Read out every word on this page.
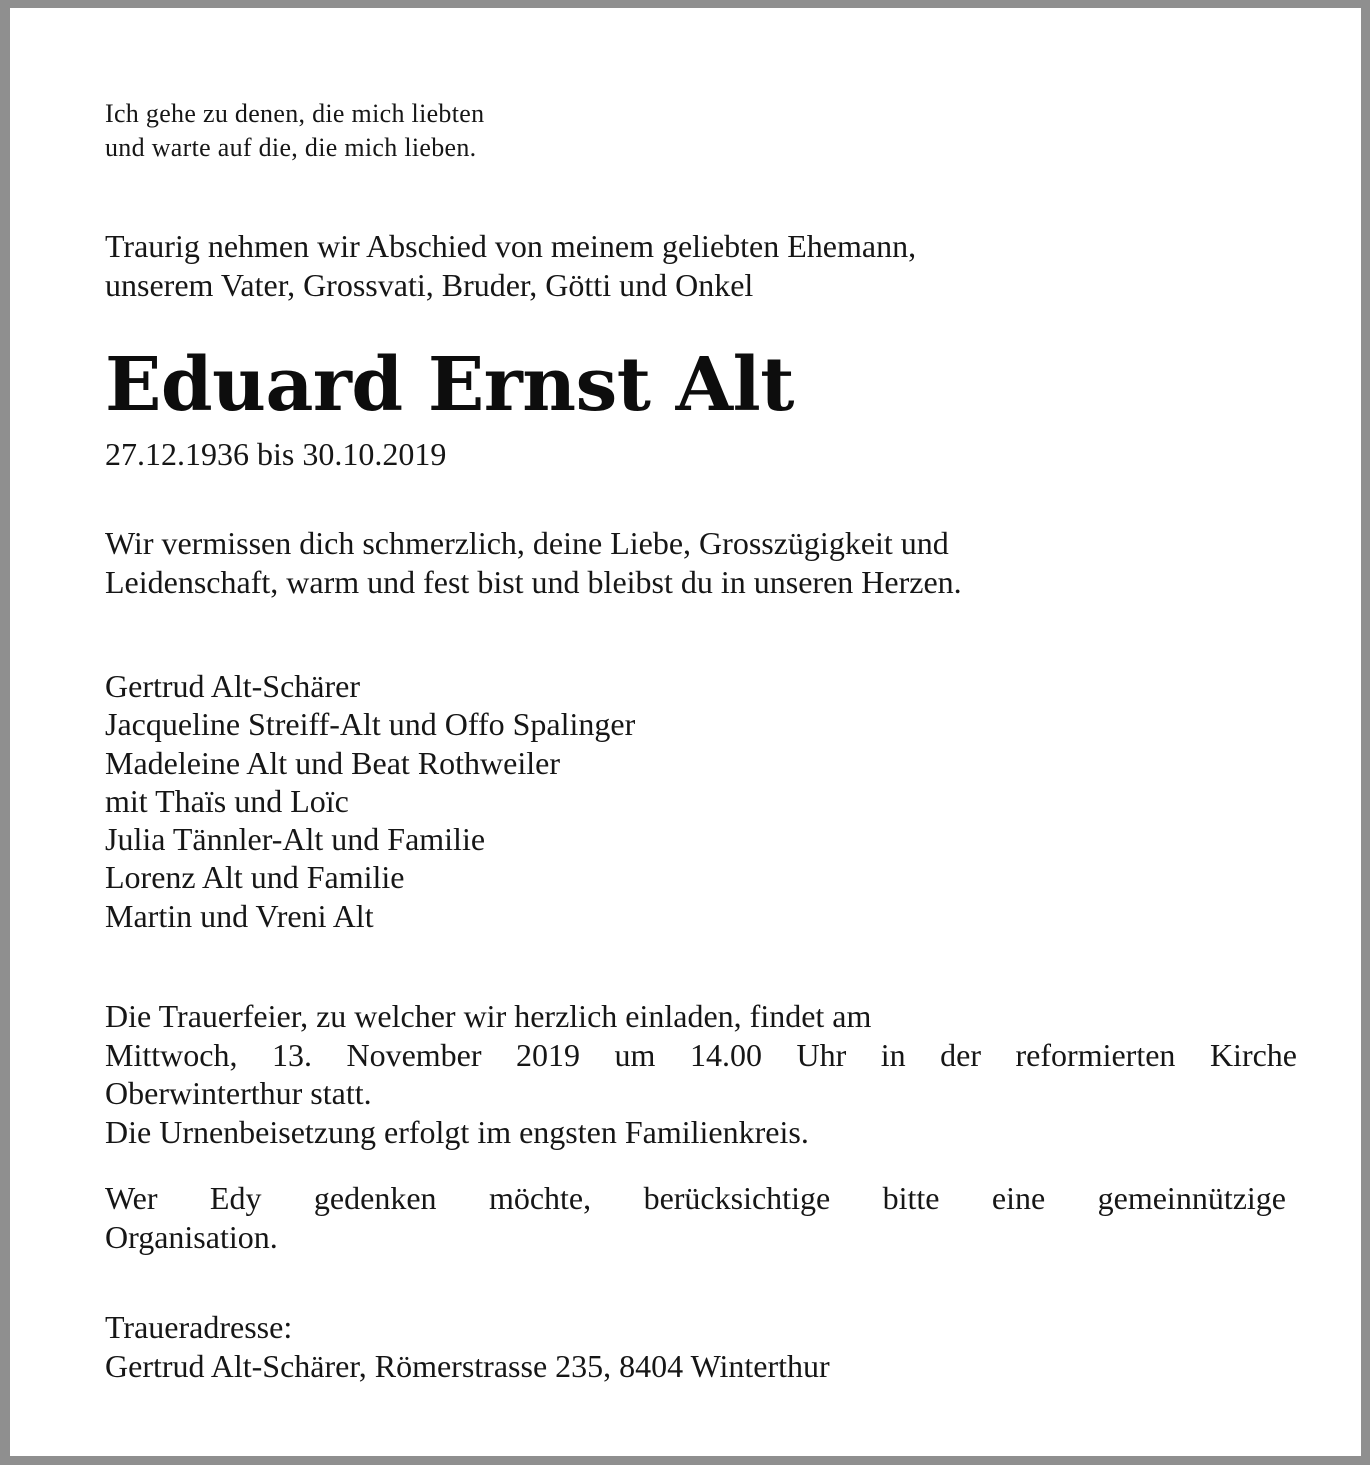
Ich gehe zu denen, die mich liebten
und warte auf die, die mich lieben.
Traurig nehmen wir Abschied von meinem geliebten Ehemann,
unserem Vater, Grossvati, Bruder, Götti und Onkel
Eduard Ernst Alt
27.12.1936 bis 30.10.2019
Wir vermissen dich schmerzlich, deine Liebe, Grosszügigkeit und
Leidenschaft, warm und fest bist und bleibst du in unseren Herzen.
Gertrud Alt-Schärer
Jacqueline Streiff-Alt und Offo Spalinger
Madeleine Alt und Beat Rothweiler
mit Thaïs und Loïc
Julia Tännler-Alt und Familie
Lorenz Alt und Familie
Martin und Vreni Alt
Die Trauerfeier, zu welcher wir herzlich einladen, findet am
Mittwoch, 13. November 2019 um 14.00 Uhr in der reformierten Kirche
Oberwinterthur statt.
Die Urnenbeisetzung erfolgt im engsten Familienkreis.
Wer Edy gedenken möchte, berücksichtige bitte eine gemeinnützige
Organisation.
Traueradresse:
Gertrud Alt-Schärer, Römerstrasse 235, 8404 Winterthur
